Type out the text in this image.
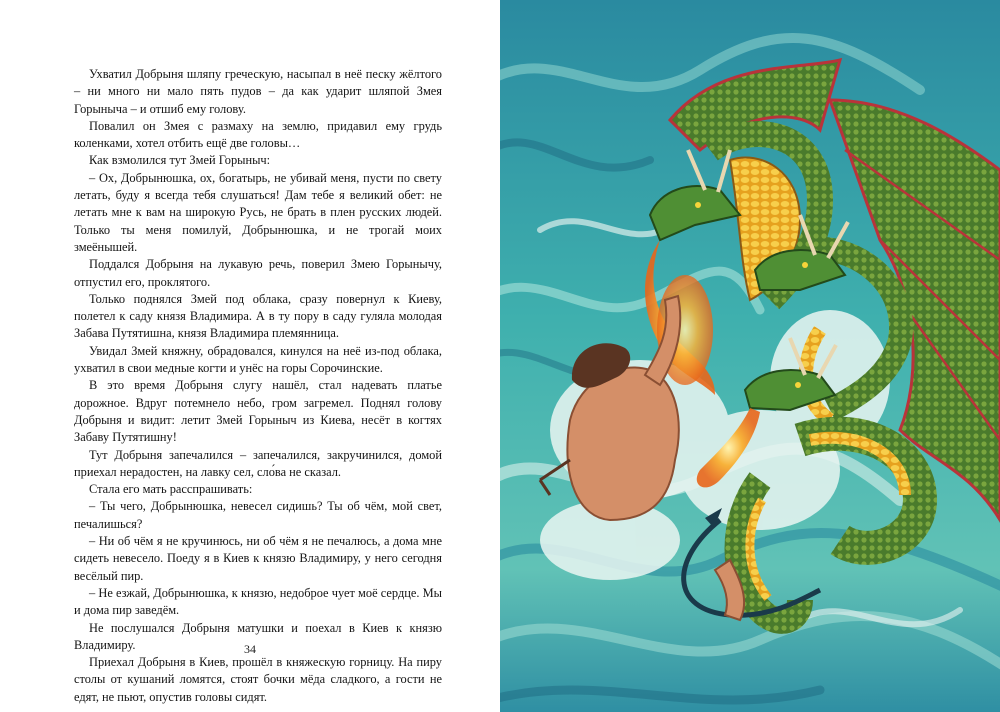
Ухватил Добрыня шляпу греческую, насыпал в неё песку жёлтого – ни много ни мало пять пудов – да как ударит шляпой Змея Горыныча – и отшиб ему голову.

Повалил он Змея с размаху на землю, придавил ему грудь коленками, хотел отбить ещё две головы…

Как взмолился тут Змей Горыныч:

– Ох, Добрынюшка, ох, богатырь, не убивай меня, пусти по свету летать, буду я всегда тебя слушаться! Дам тебе я великий обет: не летать мне к вам на широкую Русь, не брать в плен русских людей. Только ты меня помилуй, Добрынюшка, и не трогай моих змеёнышей.

Поддался Добрыня на лукавую речь, поверил Змею Горынычу, отпустил его, проклятого.

Только поднялся Змей под облака, сразу повернул к Киеву, полетел к саду князя Владимира. А в ту пору в саду гуляла молодая Забава Путятишна, князя Владимира племянница.

Увидал Змей княжну, обрадовался, кинулся на неё из-под облака, ухватил в свои медные когти и унёс на горы Сорочинские.

В это время Добрыня слугу нашёл, стал надевать платье дорожное. Вдруг потемнело небо, гром загремел. Поднял голову Добрыня и видит: летит Змей Горыныч из Киева, несёт в когтях Забаву Путятишну!

Тут Добрыня запечалился – запечалился, закручинился, домой приехал нерадостен, на лавку сел, сло́ва не сказал.

Стала его мать расспрашивать:

– Ты чего, Добрынюшка, невесел сидишь? Ты об чём, мой свет, печалишься?

– Ни об чём я не кручинюсь, ни об чём я не печалюсь, а дома мне сидеть невесело. Поеду я в Киев к князю Владимиру, у него сегодня весёлый пир.

– Не езжай, Добрынюшка, к князю, недоброе чует моё сердце. Мы и дома пир заведём.

Не послушался Добрыня матушки и поехал в Киев к князю Владимиру.

Приехал Добрыня в Киев, прошёл в княжескую горницу. На пиру столы от кушаний ломятся, стоят бочки мёда сладкого, а гости не едят, не пьют, опустив головы сидят.

34
